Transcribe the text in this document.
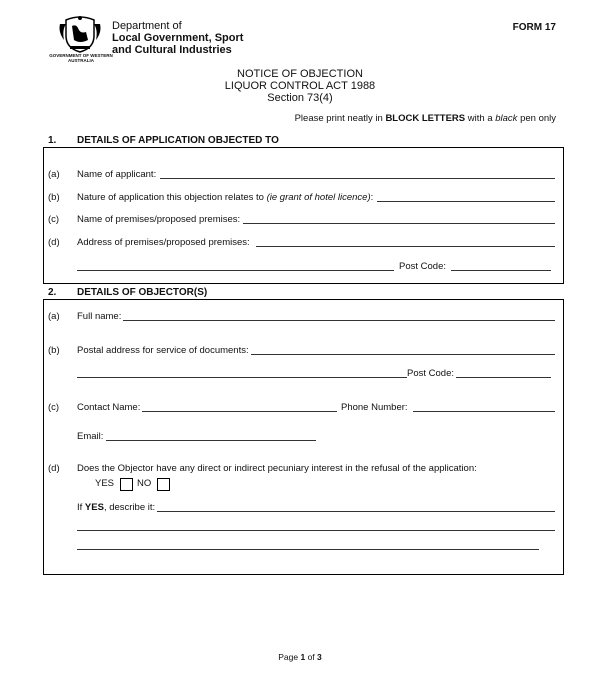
GOVERNMENT OF WESTERN AUSTRALIA
Department of
Local Government, Sport
and Cultural Industries
FORM 17
NOTICE OF OBJECTION
LIQUOR CONTROL ACT 1988
Section 73(4)
Please print neatly in BLOCK LETTERS with a black pen only
1. DETAILS OF APPLICATION OBJECTED TO
(a) Name of applicant:
(b) Nature of application this objection relates to (ie grant of hotel licence):
(c) Name of premises/proposed premises:
(d) Address of premises/proposed premises:
Post Code:
2. DETAILS OF OBJECTOR(S)
(a) Full name:
(b) Postal address for service of documents:
Post Code:
(c) Contact Name:	Phone Number:
Email:
(d) Does the Objector have any direct or indirect pecuniary interest in the refusal of the application:
YES NO
If YES, describe it:
Page 1 of 3
